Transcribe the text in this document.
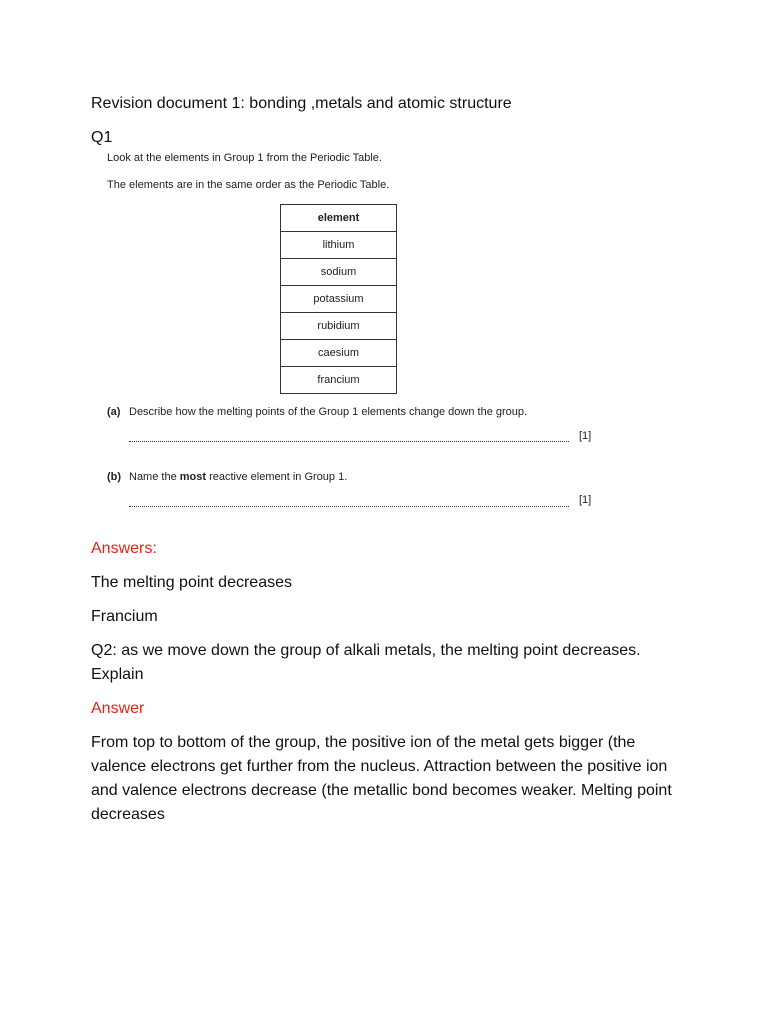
Revision document 1: bonding ,metals and atomic structure
Q1
Look at the elements in Group 1 from the Periodic Table.
The elements are in the same order as the Periodic Table.
element
lithium
sodium
potassium
rubidium
caesium
francium
(a) Describe how the melting points of the Group 1 elements change down the group.
[1]
(b) Name the most reactive element in Group 1.
[1]
Answers:
The melting point decreases
Francium
Q2: as we move down the group of alkali metals, the melting point decreases. Explain
Answer
From top to bottom of the group, the positive ion of the metal gets bigger (the valence electrons get further from the nucleus. Attraction between the positive ion and valence electrons decrease (the metallic bond becomes weaker. Melting point decreases
